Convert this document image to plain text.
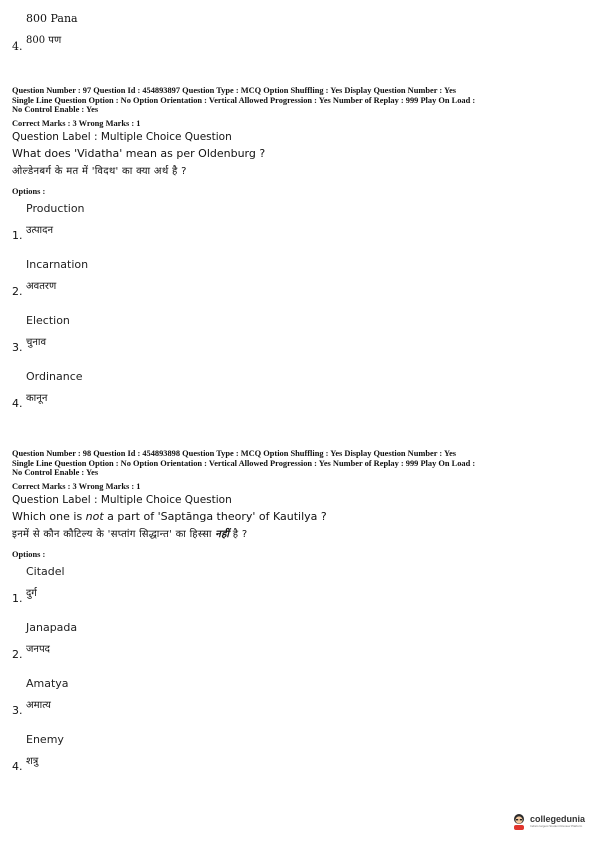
800 Pana
800 पण
4.
Question Number : 97 Question Id : 454893897 Question Type : MCQ Option Shuffling : Yes Display Question Number : Yes
Single Line Question Option : No Option Orientation : Vertical Allowed Progression : Yes Number of Replay : 999 Play On Load :
No Control Enable : Yes
Correct Marks : 3 Wrong Marks : 1
Question Label : Multiple Choice Question
What does 'Vidatha' mean as per Oldenburg ?
ओल्डेनबर्ग के मत में 'विदथ' का क्या अर्थ है ?
Options :
Production
उत्पादन
1.
Incarnation
अवतरण
2.
Election
चुनाव
3.
Ordinance
कानून
4.
Question Number : 98 Question Id : 454893898 Question Type : MCQ Option Shuffling : Yes Display Question Number : Yes
Single Line Question Option : No Option Orientation : Vertical Allowed Progression : Yes Number of Replay : 999 Play On Load :
No Control Enable : Yes
Correct Marks : 3 Wrong Marks : 1
Question Label : Multiple Choice Question
Which one is not a part of 'Saptānga theory' of Kautilya ?
इनमें से कौन कौटिल्य के 'सप्तांग सिद्धान्त' का हिस्सा नहीं है ?
Options :
Citadel
दुर्ग
1.
Janapada
जनपद
2.
Amatya
अमात्य
3.
Enemy
शत्रु
4.
collegedunia
India's largest Student Review Platform
